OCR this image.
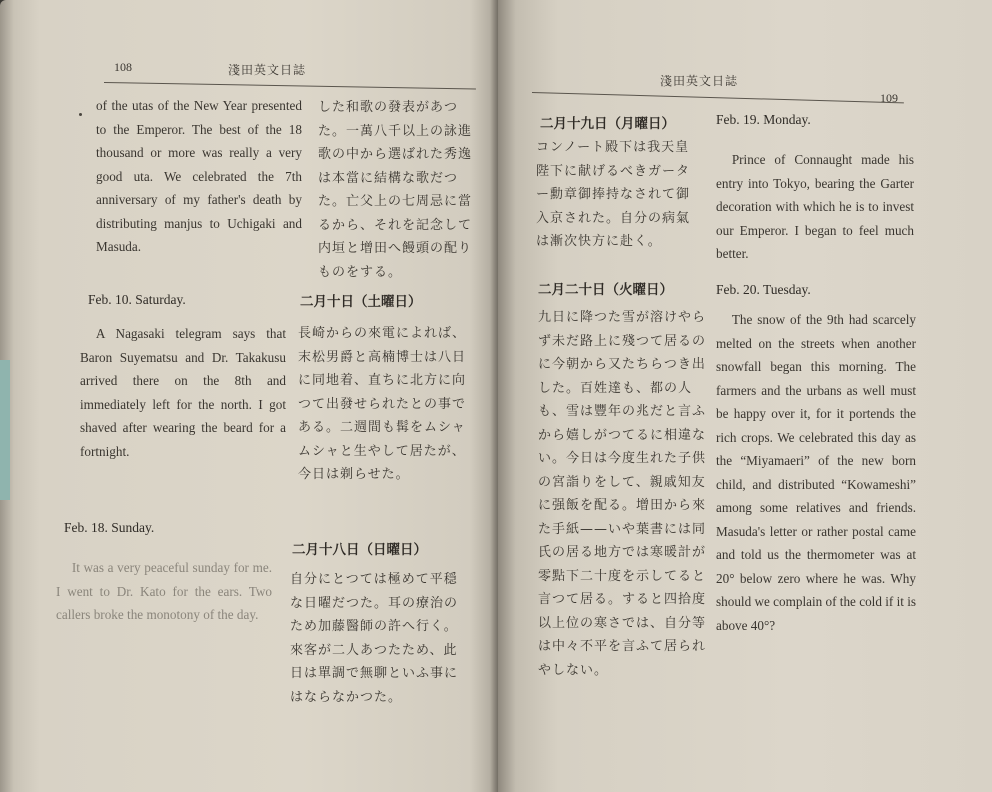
108	淺田英文日誌

of the utas of the New Year presented to the Emperor. The best of the 18 thousand or more was really a very good uta. We celebrated the 7th anniversary of my father's death by distributing manjus to Uchigaki and Masuda.

した和歌の發表があつた。一萬八千以上の詠進歌の中から選ばれた秀逸は本當に結構な歌だつた。亡父上の七周忌に當るから、それを記念して内垣と增田へ饅頭の配りものをする。
Feb. 10. Saturday.	二月十日（土曜日）

A Nagasaki telegram says that Baron Suyematsu and Dr. Takakusu arrived there on the 8th and immediately left for the north. I got shaved after wearing the beard for a fortnight.

長崎からの來電によれば、末松男爵と高楠博士は八日に同地着、直ちに北方に向つて出發せられたとの事である。二週間も髯をムシャムシャと生やして居たが、今日は剃らせた。
Feb. 18. Sunday.
二月十八日（日曜日）

It was a very peaceful sunday for me. I went to Dr. Kato for the ears. Two callers broke the monotony of the day.

自分にとつては極めて平穏な日曜だつた。耳の療治のため加藤醫師の許へ行く。來客が二人あつたため、此日は單調で無聊といふ事にはならなかつた。
淺田英文日誌
109
二月十九日（月曜日）	Feb. 19. Monday.
コンノート殿下は我天皇陛下に献げるべきガーター勳章御捧持なされて御入京された。自分の病氣は漸次快方に赴く。

Prince of Connaught made his entry into Tokyo, bearing the Garter decoration with which he is to invest our Emperor. I began to feel much better.

二月二十日（火曜日）	Feb. 20. Tuesday.
九日に降つた雪が溶けやらず未だ路上に殘つて居るのに今朝から又たちらつき出した。百姓達も、都の人も、雪は豐年の兆だと言ふから嬉しがつてるに相違ない。今日は今度生れた子供の宮詣りをして、親戚知友に强飯を配る。增田から來た手紙——いや葉書には同氏の居る地方では寒暖計が零點下二十度を示してると言つて居る。すると四拾度以上位の寒さでは、自分等は中々不平を言ふて居られやしない。

The snow of the 9th had scarcely melted on the streets when another snowfall began this morning. The farmers and the urbans as well must be happy over it, for it portends the rich crops. We celebrated this day as the “Miyamaeri” of the new born child, and distributed “Kowameshi” among some relatives and friends. Masuda's letter or rather postal came and told us the thermometer was at 20° below zero where he was. Why should we complain of the cold if it is above 40°?
